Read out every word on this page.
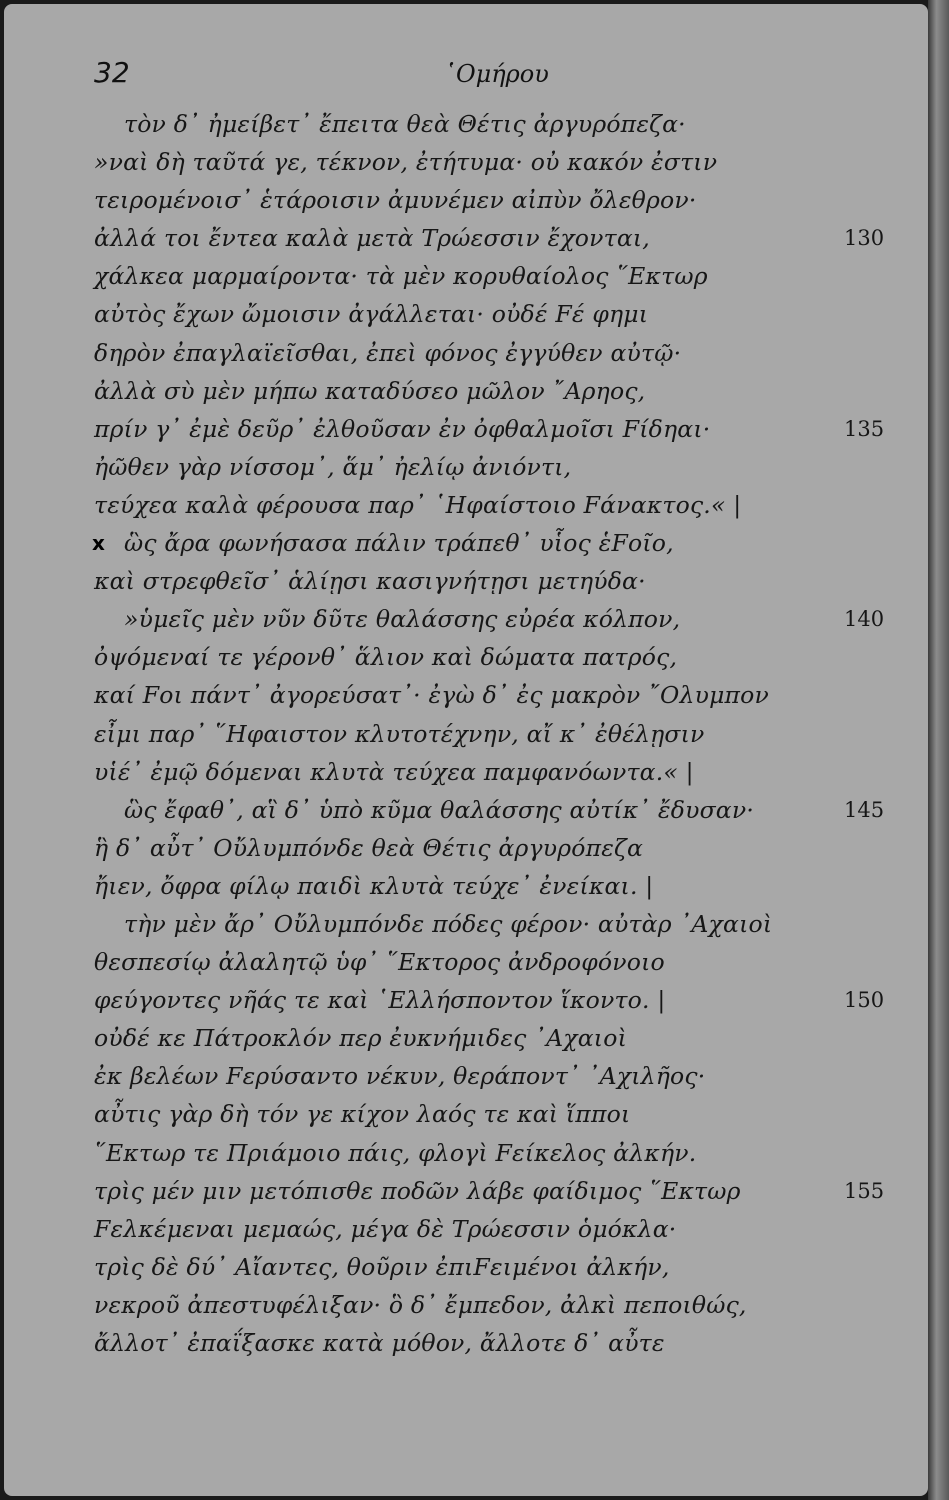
32	῾Ομήρου
τὸν δ᾽ ἠμείβετ᾽ ἔπειτα θεὰ Θέτις ἀργυρόπεζα·
»ναὶ δὴ ταῦτά γε, τέκνον, ἐτήτυμα· οὐ κακόν ἐστιν
τειρομένοισ᾽ ἑτάροισιν ἀμυνέμεν αἰπὺν ὄλεθρον·
ἀλλά τοι ἔντεα καλὰ μετὰ Τρώεσσιν ἔχονται,	130
χάλκεα μαρμαίροντα· τὰ μὲν κορυθαίολος ῞Εκτωρ
αὐτὸς ἔχων ὤμοισιν ἀγάλλεται· οὐδέ Fέ φημι
δηρὸν ἐπαγλαϊεῖσθαι, ἐπεὶ φόνος ἐγγύθεν αὐτῷ·
ἀλλὰ σὺ μὲν μήπω καταδύσεο μῶλον ῎Αρηος,
πρίν γ᾽ ἐμὲ δεῦρ᾽ ἐλθοῦσαν ἐν ὀφθαλμοῖσι Fίδηαι·	135
ἠῶθεν γὰρ νίσσομ᾽, ἅμ᾽ ἠελίῳ ἀνιόντι,
τεύχεα καλὰ φέρουσα παρ᾽ ῾Ηφαίστοιο Fάνακτος.« |
x ὣς ἄρα φωνήσασα πάλιν τράπεθ᾽ υἷος ἑFοῖο,
καὶ στρεφθεῖσ᾽ ἁλίῃσι κασιγνήτῃσι μετηύδα·
»ὑμεῖς μὲν νῦν δῦτε θαλάσσης εὐρέα κόλπον,	140
ὀψόμεναί τε γέρονθ᾽ ἅλιον καὶ δώματα πατρός,
καί Fοι πάντ᾽ ἀγορεύσατ᾽· ἐγὼ δ᾽ ἐς μακρὸν ῎Ολυμπον
εἶμι παρ᾽ ῞Ηφαιστον κλυτοτέχνην, αἴ κ᾽ ἐθέλῃσιν
υἱέ᾽ ἐμῷ δόμεναι κλυτὰ τεύχεα παμφανόωντα.« |
ὣς ἔφαθ᾽, αἳ δ᾽ ὑπὸ κῦμα θαλάσσης αὐτίκ᾽ ἔδυσαν·	145
ἣ δ᾽ αὖτ᾽ Οὔλυμπόνδε θεὰ Θέτις ἀργυρόπεζα
ἤιεν, ὄφρα φίλῳ παιδὶ κλυτὰ τεύχε᾽ ἐνείκαι. |
τὴν μὲν ἄρ᾽ Οὔλυμπόνδε πόδες φέρον· αὐτὰρ ᾽Αχαιοὶ
θεσπεσίῳ ἀλαλητῷ ὑφ᾽ ῞Εκτορος ἀνδροφόνοιο
φεύγοντες νῆάς τε καὶ ῾Ελλήσποντον ἵκοντο. |	150
οὐδέ κε Πάτροκλόν περ ἐυκνήμιδες ᾽Αχαιοὶ
ἐκ βελέων Fερύσαντο νέκυν, θεράποντ᾽ ᾽Αχιλῆος·
αὖτις γὰρ δὴ τόν γε κίχον λαός τε καὶ ἵπποι
῞Εκτωρ τε Πριάμοιο πάις, φλογὶ Fείκελος ἀλκήν.
τρὶς μέν μιν μετόπισθε ποδῶν λάβε φαίδιμος ῞Εκτωρ	155
Fελκέμεναι μεμαώς, μέγα δὲ Τρώεσσιν ὁμόκλα·
τρὶς δὲ δύ᾽ Αἴαντες, θοῦριν ἐπιFειμένοι ἀλκήν,
νεκροῦ ἀπεστυφέλιξαν· ὃ δ᾽ ἔμπεδον, ἀλκὶ πεποιθώς,
ἄλλοτ᾽ ἐπαΐξασκε κατὰ μόθον, ἄλλοτε δ᾽ αὖτε
